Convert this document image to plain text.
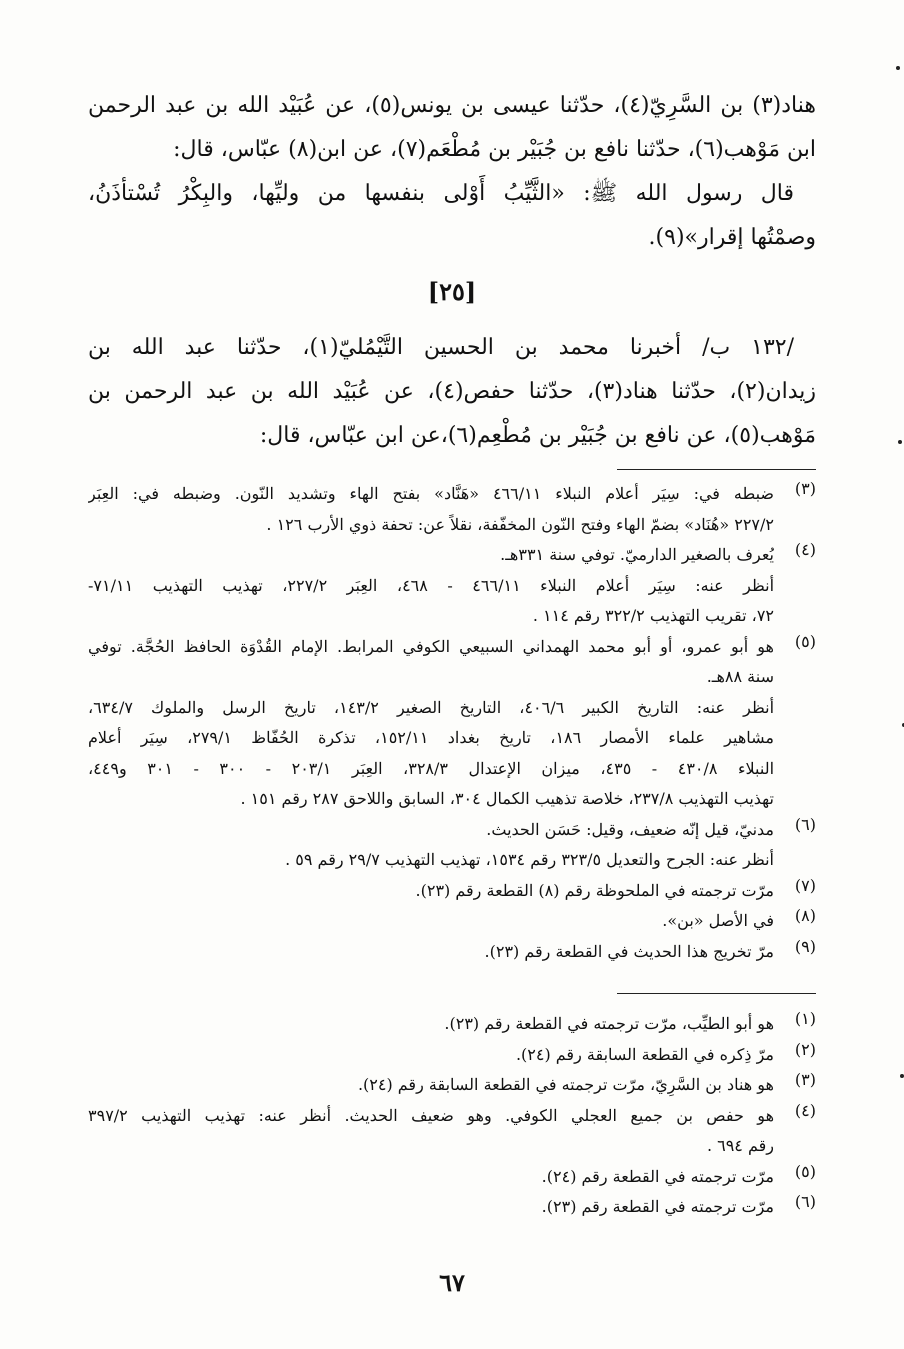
هناد(٣) بن السَّرِيّ(٤)، حدّثنا عيسى بن يونس(٥)، عن عُبَيْد الله بن عبد الرحمن
ابن مَوْهب(٦)، حدّثنا نافع بن جُبَيْر بن مُطْعَم(٧)، عن ابن(٨) عبّاس، قال:
قال رسول الله ﷺ: «الثَّيِّبُ أَوْلى بنفسها من وليِّها، والبِكْرُ تُسْتأذَنُ،
وصمْتُها إقرار»(٩).
[٢٥]
/١٣٢ ب/ أخبرنا محمد بن الحسين التَّيْمُليّ(١)، حدّثنا عبد الله بن
زيدان(٢)، حدّثنا هناد(٣)، حدّثنا حفص(٤)، عن عُبَيْد الله بن عبد الرحمن بن
مَوْهب(٥)، عن نافع بن جُبَيْر بن مُطْعِم(٦)،عن ابن عبّاس، قال:
(٣)
ضبطه في: سِيَر أعلام النبلاء ٤٦٦/١١ «هَنَّاد» بفتح الهاء وتشديد النّون. وضبطه في: العِبَر
٢٢٧/٢ «هُنَاد» بضمّ الهاء وفتح النّون المخفّفة، نقلاً عن: تحفة ذوي الأرب ١٢٦ .
(٤)
يُعرف بالصغير الدارميّ. توفي سنة ٣٣١هـ.
أنظر عنه: سِيَر أعلام النبلاء ٤٦٦/١١ - ٤٦٨، العِبَر ٢٢٧/٢، تهذيب التهذيب ٧١/١١-
٧٢، تقريب التهذيب ٣٢٢/٢ رقم ١١٤ .
(٥)
هو أبو عمرو، أو أبو محمد الهمداني السبيعي الكوفي المرابط. الإمام القُدْوَة الحافظ الحُجَّة. توفي
سنة ٨٨هـ.
أنظر عنه: التاريخ الكبير ٤٠٦/٦، التاريخ الصغير ١٤٣/٢، تاريخ الرسل والملوك ٦٣٤/٧،
مشاهير علماء الأمصار ١٨٦، تاريخ بغداد ١٥٢/١١، تذكرة الحُفّاظ ٢٧٩/١، سِيَر أعلام
النبلاء ٤٣٠/٨ - ٤٣٥، ميزان الإعتدال ٣٢٨/٣، العِبَر ٢٠٣/١ - ٣٠٠ - ٣٠١ و٤٤٩،
تهذيب التهذيب ٢٣٧/٨، خلاصة تذهيب الكمال ٣٠٤، السابق واللاحق ٢٨٧ رقم ١٥١ .
(٦)
مدنيّ، قيل إنّه ضعيف، وقيل: حَسَن الحديث.
أنظر عنه: الجرح والتعديل ٣٢٣/٥ رقم ١٥٣٤، تهذيب التهذيب ٢٩/٧ رقم ٥٩ .
(٧)
مرّت ترجمته في الملحوظة رقم (٨) القطعة رقم (٢٣).
(٨)
في الأصل «بن».
(٩)
مرّ تخريج هذا الحديث في القطعة رقم (٢٣).
(١)
هو أبو الطيِّب، مرّت ترجمته في القطعة رقم (٢٣).
(٢)
مرّ ذِكره في القطعة السابقة رقم (٢٤).
(٣)
هو هناد بن السَّرِيّ، مرّت ترجمته في القطعة السابقة رقم (٢٤).
(٤)
هو حفص بن جميع العجلي الكوفي. وهو ضعيف الحديث. أنظر عنه: تهذيب التهذيب ٣٩٧/٢
رقم ٦٩٤ .
(٥)
مرّت ترجمته في القطعة رقم (٢٤).
(٦)
مرّت ترجمته في القطعة رقم (٢٣).
٦٧
